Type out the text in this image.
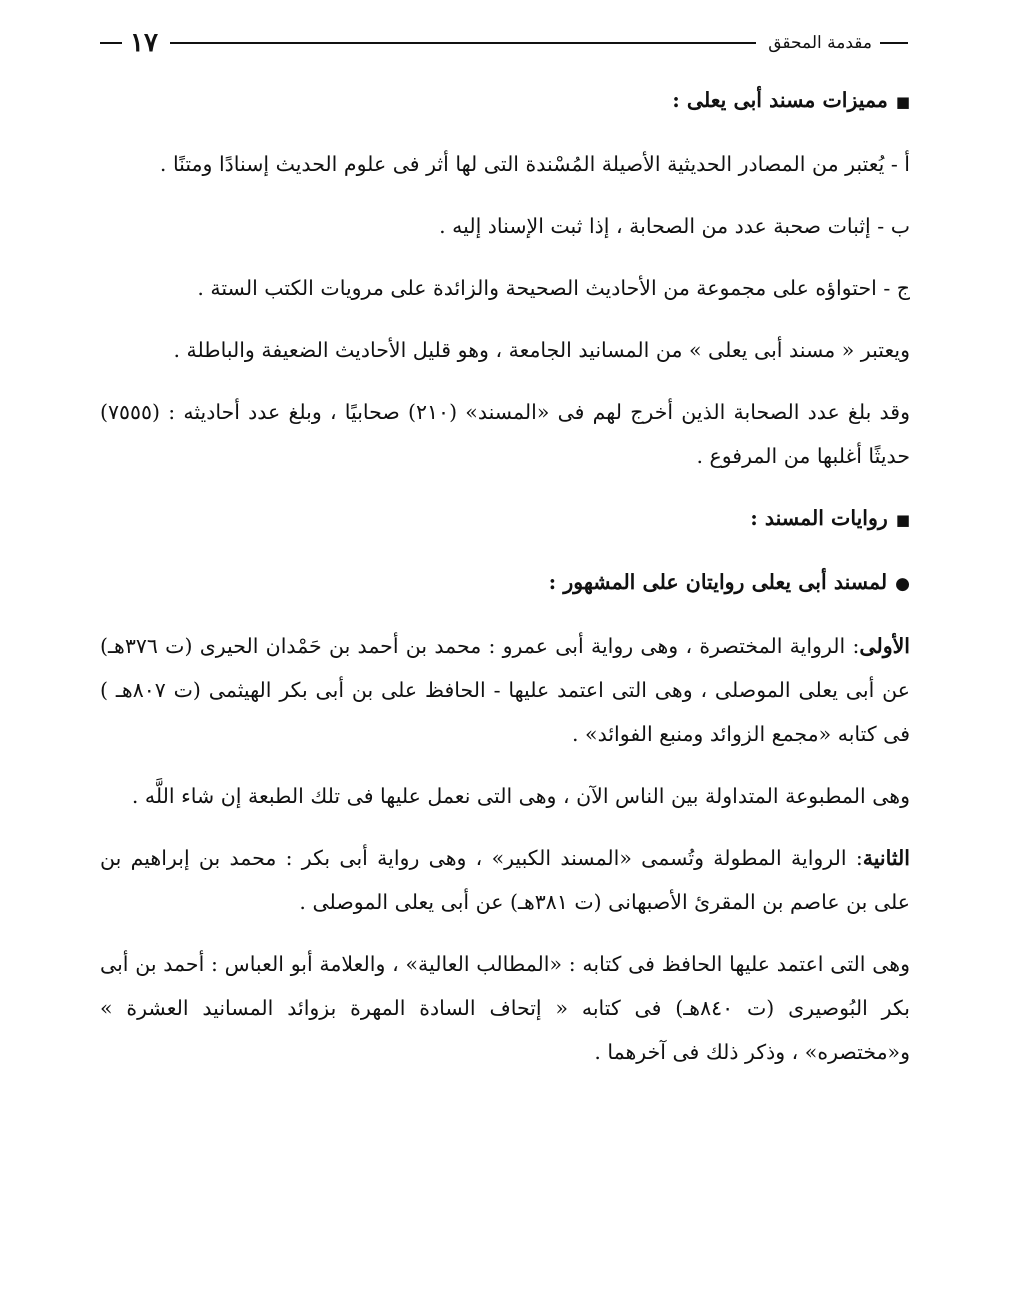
مقدمة المحقق
١٧

■مميزات مسند أبى يعلى :

أ - يُعتبر من المصادر الحديثية الأصيلة المُسْندة التى لها أثر فى علوم الحديث إسنادًا ومتنًا .

ب - إثبات صحبة عدد من الصحابة ، إذا ثبت الإسناد إليه .

ج - احتواؤه على مجموعة من الأحاديث الصحيحة والزائدة على مرويات الكتب الستة .

ويعتبر « مسند أبى يعلى » من المسانيد الجامعة ، وهو قليل الأحاديث الضعيفة والباطلة .

وقد بلغ عدد الصحابة الذين أخرج لهم فى «المسند» (٢١٠) صحابيًا ، وبلغ عدد أحاديثه : (٧٥٥٥) حديثًا أغلبها من المرفوع .

■روايات المسند :

●لمسند أبى يعلى روايتان على المشهور :

الأولى: الرواية المختصرة ، وهى رواية أبى عمرو : محمد بن أحمد بن حَمْدان الحيرى (ت ٣٧٦هـ) عن أبى يعلى الموصلى ، وهى التى اعتمد عليها - الحافظ على بن أبى بكر الهيثمى (ت ٨٠٧هـ ) فى كتابه «مجمع الزوائد ومنبع الفوائد» .

وهى المطبوعة المتداولة بين الناس الآن ، وهى التى نعمل عليها فى تلك الطبعة إن شاء اللَّه .

الثانية: الرواية المطولة وتُسمى «المسند الكبير» ، وهى رواية أبى بكر : محمد بن إبراهيم بن على بن عاصم بن المقرئ الأصبهانى (ت ٣٨١هـ) عن أبى يعلى الموصلى .

وهى التى اعتمد عليها الحافظ فى كتابه : «المطالب العالية» ، والعلامة أبو العباس : أحمد بن أبى بكر البُوصيرى (ت ٨٤٠هـ) فى كتابه « إتحاف السادة المهرة بزوائد المسانيد العشرة » و«مختصره» ، وذكر ذلك فى آخرهما .
